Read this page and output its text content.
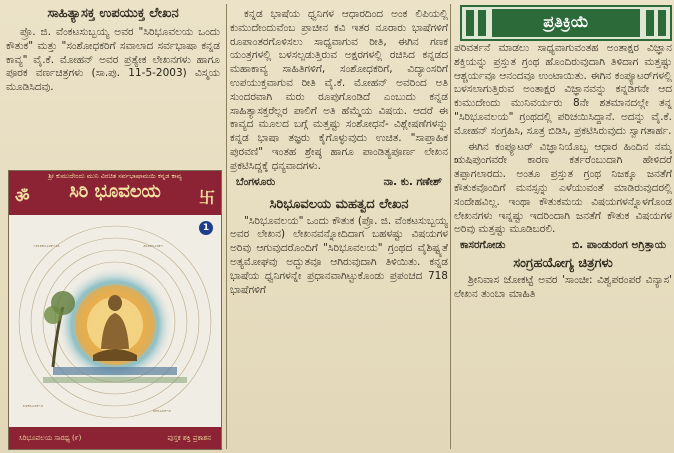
ಸಾಹಿತ್ಯಾಸಕ್ತ ಉಪಯುಕ್ತ ಲೇಖನ

ಪ್ರೊ. ಜಿ. ವೆಂಕಟಸುಬ್ಬಯ್ಯ ಅವರ "ಸಿರಿಭೂವಲಯ ಒಂದು ಕೌತುಕ" ಮತ್ತು "ಸಂಶೋಧಕರಿಗೆ ಸವಾಲಾದ ಸರ್ವಭಾಷಾ ಕನ್ನಡ ಕಾವ್ಯ" ವೈ.ಕೆ. ಮೋಹನ್ ಅವರ ಪ್ರತ್ಯೇಕ ಲೇಖನಗಳು ಹಾಗೂ ಪೂರಕ ವರ್ಣಚಿತ್ರಗಳು (ಸಾ.ಪು. 11-5-2003) ವಿಸ್ಮಯ ಮೂಡಿಸಿದವು.

ಶ್ರೀ ಕುಮುದೇಂದು ಮುನಿ ವಿರಚಿತ ಸರ್ವಭಾಷಾಮಯಿ ಕನ್ನಡ ಕಾವ್ಯ
ॐ	ಸಿರಿ ಭೂವಲಯ	卐
1
೧೨೩೪೫೬೭೮೯೧೨೩	೨೩೪೫೬೭೮೯೧
೩೪೫೬೭೮೯೧೨
೪೫೬೭೮೯೧೨
ಸಿರಿಭೂವಲಯ ಸಾರಥ್ಯ (೯)	ಪುಸ್ತಕ ಶಕ್ತಿ ಪ್ರಕಾಶನ

ಕನ್ನಡ ಭಾಷೆಯ ಧ್ವನಿಗಳ ಆಧಾರದಿಂದ ಅಂಕ ಲಿಪಿಯಲ್ಲಿ ಕುಮುದೇಂದುವೆಂಬ ಪ್ರಾಚೀನ ಕವಿ ಇತರ ನೂರಾರು ಭಾಷೆಗಳಿಗೆ ರೂಪಾಂತರಗೊಳಿಸಲು ಸಾಧ್ಯವಾಗುವ ರೀತಿ, ಈಗಿನ ಗಣಕ ಯಂತ್ರಗಳಲ್ಲಿ ಬಳಸಲ್ಪಡುತ್ತಿರುವ ಅಕ್ಷರಗಳಲ್ಲಿ ರಚಿಸಿದ ಕನ್ನಡದ ಮಹಾಕಾವ್ಯ ಸಾಹಿತಿಗಳಿಗೆ, ಸಂಶೋಧಕರಿಗೆ, ವಿದ್ಯಾಂಸರಿಗೆ ಉಪಯುಕ್ತವಾಗುವ ರೀತಿ ವೈ.ಕೆ. ಮೋಹನ್ ಅವರಿಂದ ಅತಿ ಸುಂದರವಾಗಿ ಮರು ರೂಪುಗೊಂಡಿದೆ ಎಂಬುದು ಕನ್ನಡ ಸಾಹಿತ್ಯಾಸಕ್ತರೆಲ್ಲರ ಪಾಲಿಗೆ ಅತಿ ಹೆಮ್ಮೆಯ ವಿಷಯ. ಆದರೆ ಈ ಕಾವ್ಯದ ಮೂಲದ ಬಗ್ಗೆ ಮತ್ತಷ್ಟು ಸಂಶೋಧನೆ- ವಿಶ್ಲೇಷಣೆಗಳನ್ನು ಕನ್ನಡ ಭಾಷಾ ತಜ್ಞರು ಕೈಗೊಳ್ಳುವುದು ಉಚಿತ. "ಸಾಪ್ತಾಹಿಕ ಪುರವಣಿ" ಇಂತಹ ಶ್ರೇಷ್ಠ ಹಾಗೂ ಪಾಂಡಿತ್ಯಪೂರ್ಣ ಲೇಖನ ಪ್ರಕಟಿಸಿದ್ದಕ್ಕೆ ಧನ್ಯವಾದಗಳು.

ಬೆಂಗಳೂರು	ನಾ. ಕು. ಗಣೇಶ್
ಸಿರಿಭೂವಲಯ ಮಹತ್ವದ ಲೇಖನ

"ಸಿರಿಭೂವಲಯ" ಒಂದು ಕೌತುಕ (ಪ್ರೊ. ಜಿ. ವೆಂಕಟಸುಬ್ಬಯ್ಯ ಅವರ ಲೇಖನ) ಲೇಖನವನ್ನೋದಿದಾಗ ಬಹಳಷ್ಟು ವಿಷಯಗಳ ಅರಿವು ಆಗುವುದರೊಂದಿಗೆ "ಸಿರಿಭೂವಲಯ" ಗ್ರಂಥದ ವೈಶಿಷ್ಟ್ಯತೆ ಅತ್ಯಮೋಘವು ಅದ್ಭುತವೂ ಆಗಿರುವುದಾಗಿ ತಿಳಿಯಿತು. ಕನ್ನಡ ಭಾಷೆಯ ಧ್ವನಿಗಳನ್ನೇ ಪ್ರಧಾನವಾಗಿಟ್ಟುಕೊಂಡು ಪ್ರಪಂಚದ 718 ಭಾಷೆಗಳಿಗೆ

ಪ್ರತಿಕ್ರಿಯೆ

ಪರಿವರ್ತನೆ ಮಾಡಲು ಸಾಧ್ಯವಾಗುವಂತಹ ಅಂತಾಕ್ಷರ ವಿಜ್ಞಾನ ಶಕ್ತಿಯನ್ನು ಪ್ರಸ್ತುತ ಗ್ರಂಥ ಹೊಂದಿರುವುದಾಗಿ ತಿಳಿದಾಗ ಮತ್ತಷ್ಟು ಆಶ್ಚರ್ಯವೂ ಆನಂದವೂ ಉಂಟಾಯಿತು. ಈಗಿನ ಕಂಪ್ಯೂಟರ್‌ಗಳಲ್ಲಿ ಬಳಸಲಾಗುತ್ತಿರುವ ಅಂತಾಕ್ಷರ ವಿಜ್ಞಾನವನ್ನು ಕನ್ನಡಿಗನೇ ಆದ ಕುಮುದೇಂದು ಮುನಿವರ್ಯರು 8ನೇ ಶತಮಾನದಲ್ಲೇ ತನ್ನ "ಸಿರಿಭೂವಲಯ" ಗ್ರಂಥದಲ್ಲಿ ಪರಿಚಯಿಸಿದ್ದಾನೆ. ಅದನ್ನು ವೈ.ಕೆ. ಮೋಹನ್ ಸಂಗ್ರಹಿಸಿ, ಸೂತ್ರ ಬಿಡಿಸಿ, ಪ್ರಕಟಿಸಿರುವುದು ಸ್ವಾಗತಾರ್ಹ.

ಈಗಿನ ಕಂಪ್ಯೂಟರ್ ವಿಜ್ಞಾನಿಯೊಬ್ಬ ಆಧಾರ ಹಿಂದಿನ ನಮ್ಮ ಋಷಿಪುಂಗವರೇ ಕಾರಣ ಕರ್ತರೆಂಬುದಾಗಿ ಹೇಳಿದರೆ ತಪ್ಪಾಗಲಾರದು. ಅಂತೂ ಪ್ರಸ್ತುತ ಗ್ರಂಥ ನಿಜಕ್ಕೂ ಜನತೆಗೆ ಕೌತುಕವೊಂದಿಗೆ ಮನಸ್ಸನ್ನು ಎಳೆಯುವಂತೆ ಮಾಡಿರುವುದರಲ್ಲಿ ಸಂದೇಹವಿಲ್ಲ. ಇಂಥಾ ಕೌತುಕಮಯ ವಿಷಯಗಳನ್ನೊಳಗೊಂಡ ಲೇಖನಗಳು ಇನ್ನಷ್ಟು ಇದರಿಂದಾಗಿ ಜನತೆಗೆ ಕೌತುಕ ವಿಷಯಗಳ ಅರಿವು ಮತ್ತಷ್ಟು ಮೂಡಿಬರಲಿ.

ಕಾಸರಗೋಡು	ಬಿ. ಪಾಂಡುರಂಗ ಅಗ್ರಿತ್ತಾಯ
ಸಂಗ್ರಹಯೋಗ್ಯ ಚಿತ್ರಗಳು

ಶ್ರೀನಿವಾಸ ಜೋಕಟ್ಟೆ ಅವರ 'ಸಾಂಚೀ: ವಿಶ್ವಪರಂಪರೆ ವಿನ್ಯಾಸ' ಲೇಖನ ತುಂಬಾ ಮಾಹಿತಿ
